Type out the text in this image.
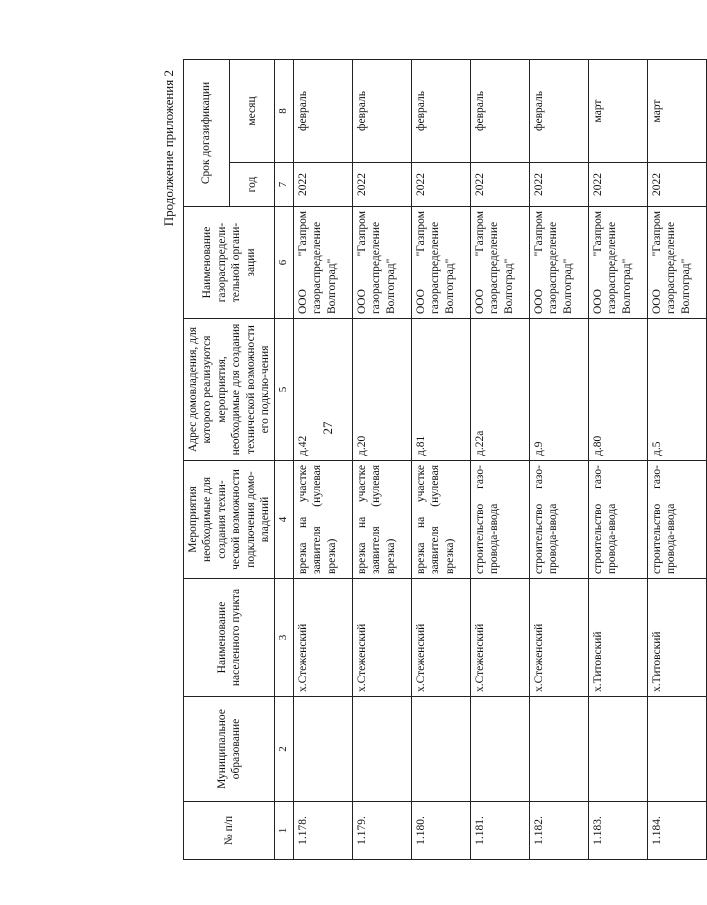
27
Продолжение приложения 2
№ п/п	Муниципальное образование	Наименование населенного пункта	Мероприятия необходимые для создания техни-ческой возможности подключения домо-владений	Адрес домовладения, для которого реализуются мероприятия, необходимые для создания технической возможности его подклю-чения	Наименование газораспредели-тельной органи-зации	Срок догазификации	
						год	месяц
1	2	3	4	5	6	7	8
1.178.		х.Стеженский	врезка на участке заявителя (нулевая врезка)	д.42	ООО "Газпром газораспределение Волгоград"	2022	февраль
1.179.		х.Стеженский	врезка на участке заявителя (нулевая врезка)	д.20	ООО "Газпром газораспределение Волгоград"	2022	февраль
1.180.		х.Стеженский	врезка на участке заявителя (нулевая врезка)	д.81	ООО "Газпром газораспределение Волгоград"	2022	февраль
1.181.		х.Стеженский	строительство газо-провода-ввода	д.22а	ООО "Газпром газораспределение Волгоград"	2022	февраль
1.182.		х.Стеженский	строительство газо-провода-ввода	д.9	ООО "Газпром газораспределение Волгоград"	2022	февраль
1.183.		х.Титовский	строительство газо-провода-ввода	д.80	ООО "Газпром газораспределение Волгоград"	2022	март
1.184.		х.Титовский	строительство газо-провода-ввода	д.5	ООО "Газпром газораспределение Волгоград"	2022	март
